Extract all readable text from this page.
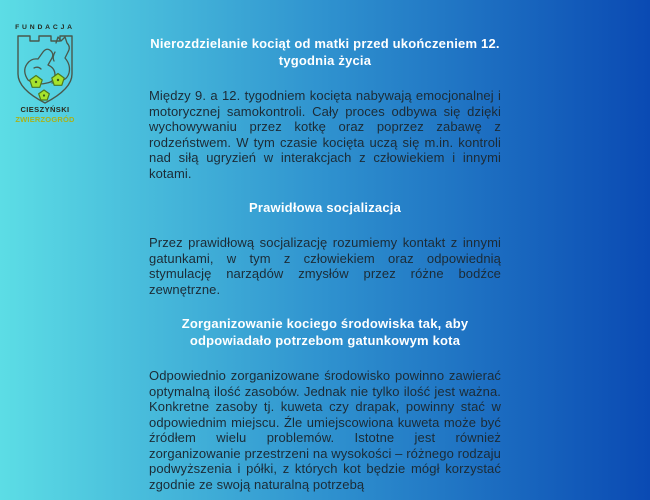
FUNDACJA
CIESZYŃSKI
ZWIERZOGRÓD
Nierozdzielanie kociąt od matki przed ukończeniem 12. tygodnia życia

Między 9. a 12. tygodniem kocięta nabywają emocjonalnej i motorycznej samokontroli. Cały proces odbywa się dzięki wychowywaniu przez kotkę oraz poprzez zabawę z rodzeństwem. W tym czasie kocięta uczą się m.in. kontroli nad siłą ugryzień w interakcjach z człowiekiem i innymi kotami.

Prawidłowa socjalizacja

Przez prawidłową socjalizację rozumiemy kontakt z innymi gatunkami, w tym z człowiekiem oraz odpowiednią stymulację narządów zmysłów przez różne bodźce zewnętrzne.

Zorganizowanie kociego środowiska tak, aby odpowiadało potrzebom gatunkowym kota

Odpowiednio zorganizowane środowisko powinno zawierać optymalną ilość zasobów. Jednak nie tylko ilość jest ważna. Konkretne zasoby tj. kuweta czy drapak, powinny stać w odpowiednim miejscu. Źle umiejscowiona kuweta może być źródłem wielu problemów. Istotne jest również zorganizowanie przestrzeni na wysokości – różnego rodzaju podwyższenia i półki, z których kot będzie mógł korzystać zgodnie ze swoją naturalną potrzebą
